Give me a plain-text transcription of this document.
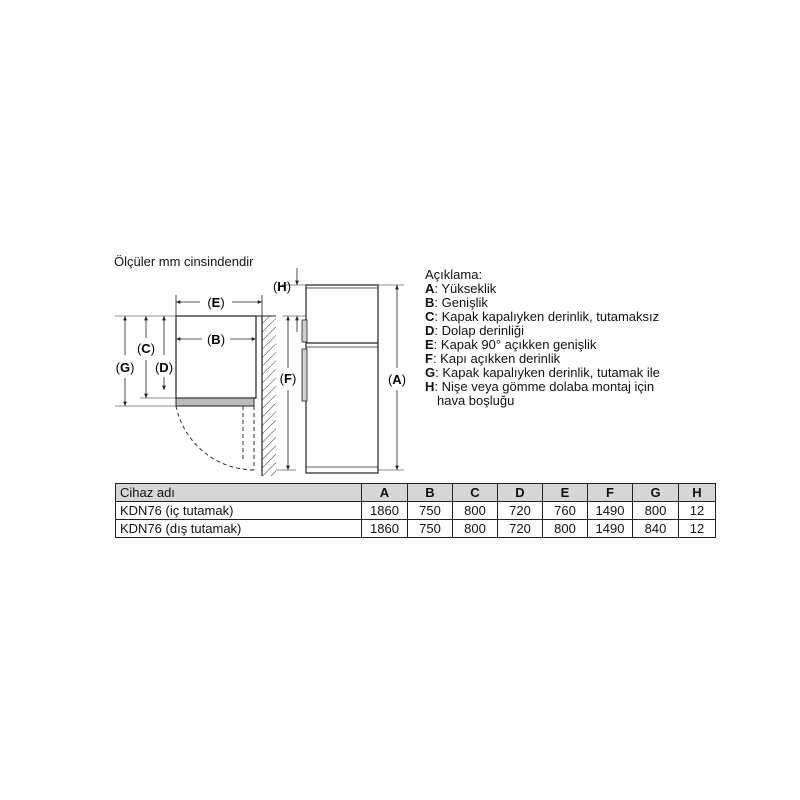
Ölçüler mm cinsindendir
(E)
(B)
(G)
(C)
(D)
(F)
(H)
(A)
Açıklama:
A: Yükseklik
B: Genişlik
C: Kapak kapalıyken derinlik, tutamaksız
D: Dolap derinliği
E: Kapak 90° açıkken genişlik
F: Kapı açıkken derinlik
G: Kapak kapalıyken derinlik, tutamak ile
H: Nişe veya gömme dolaba montaj için
hava boşluğu
Cihaz adı	A	B	C	D	E	F	G	H
KDN76 (iç tutamak)	1860	750	800	720	760	1490	800	12
KDN76 (dış tutamak)	1860	750	800	720	800	1490	840	12
